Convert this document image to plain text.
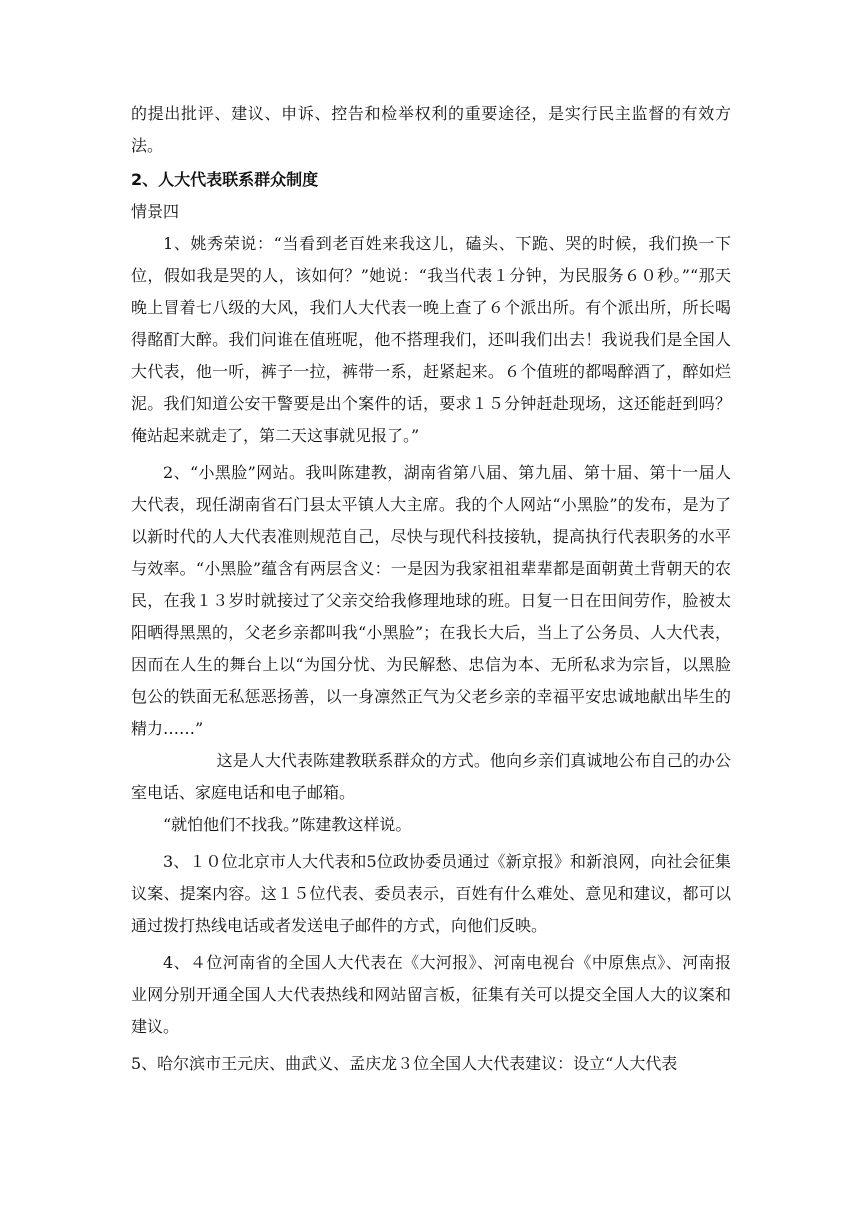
的提出批评、建议、申诉、控告和检举权利的重要途径，是实行民主监督的有效方法。

2、人大代表联系群众制度

情景四

1、姚秀荣说：“当看到老百姓来我这儿，磕头、下跪、哭的时候，我们换一下位，假如我是哭的人，该如何？”她说：“我当代表１分钟，为民服务６０秒。”“那天晚上冒着七八级的大风，我们人大代表一晚上查了６个派出所。有个派出所，所长喝得酩酊大醉。我们问谁在值班呢，他不搭理我们，还叫我们出去！我说我们是全国人大代表，他一听，裤子一拉，裤带一系，赶紧起来。６个值班的都喝醉酒了，醉如烂泥。我们知道公安干警要是出个案件的话，要求１５分钟赶赴现场，这还能赶到吗？俺站起来就走了，第二天这事就见报了。”

2、“小黑脸”网站。我叫陈建教，湖南省第八届、第九届、第十届、第十一届人大代表，现任湖南省石门县太平镇人大主席。我的个人网站“小黑脸”的发布，是为了以新时代的人大代表准则规范自己，尽快与现代科技接轨，提高执行代表职务的水平与效率。“小黑脸”蕴含有两层含义：一是因为我家祖祖辈辈都是面朝黄土背朝天的农民，在我１３岁时就接过了父亲交给我修理地球的班。日复一日在田间劳作，脸被太阳晒得黑黑的，父老乡亲都叫我“小黑脸”；在我长大后，当上了公务员、人大代表，因而在人生的舞台上以“为国分忧、为民解愁、忠信为本、无所私求为宗旨，以黑脸包公的铁面无私惩恶扬善，以一身凛然正气为父老乡亲的幸福平安忠诚地献出毕生的精力……”

这是人大代表陈建教联系群众的方式。他向乡亲们真诚地公布自己的办公室电话、家庭电话和电子邮箱。

“就怕他们不找我。”陈建教这样说。

3、１０位北京市人大代表和5位政协委员通过《新京报》和新浪网，向社会征集议案、提案内容。这１５位代表、委员表示，百姓有什么难处、意见和建议，都可以通过拨打热线电话或者发送电子邮件的方式，向他们反映。

4、４位河南省的全国人大代表在《大河报》、河南电视台《中原焦点》、河南报业网分别开通全国人大代表热线和网站留言板，征集有关可以提交全国人大的议案和建议。

5、哈尔滨市王元庆、曲武义、孟庆龙３位全国人大代表建议：设立“人大代表
